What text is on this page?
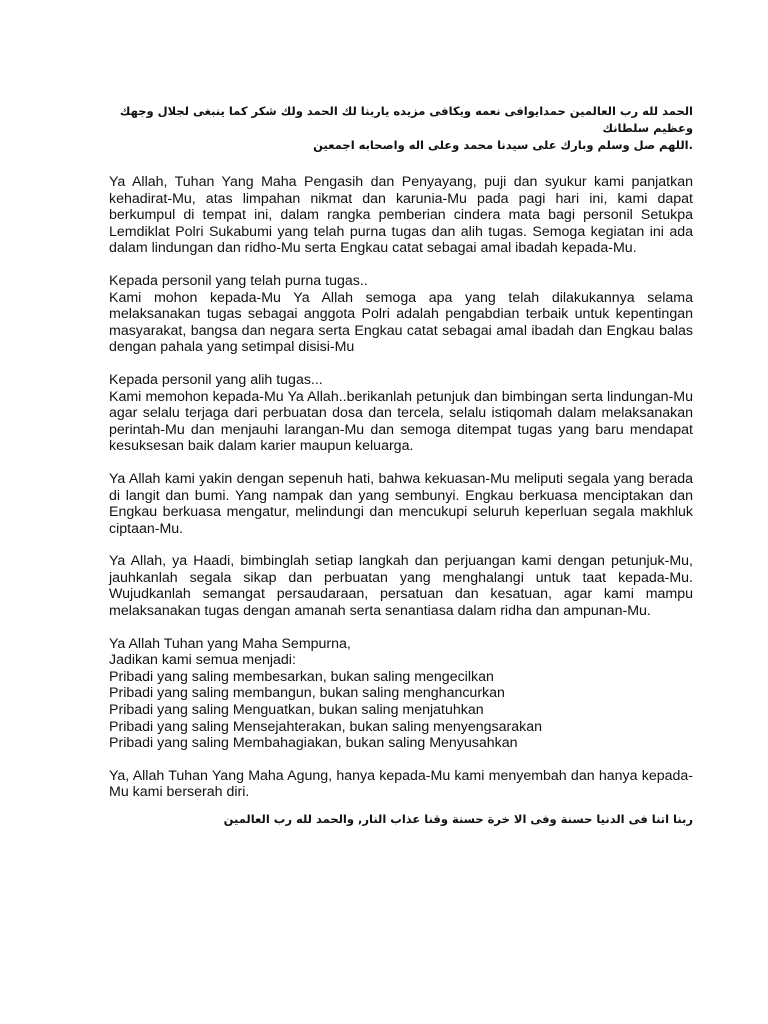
الحمد لله رب العالمين حمدايوافى نعمه ويكافى مزيده ياربنا لك الحمد ولك شكر كما ينبغى لجلال وجهك وعظيم سلطانك
.اللهم صل وسلم وبارك على سيدنا محمد وعلى اله واصحابه اجمعين

Ya Allah, Tuhan Yang Maha Pengasih dan Penyayang, puji dan syukur kami panjatkan kehadirat-Mu, atas limpahan nikmat dan karunia-Mu pada pagi hari ini, kami dapat berkumpul di tempat ini, dalam rangka pemberian cindera mata bagi personil Setukpa Lemdiklat Polri Sukabumi yang telah purna tugas dan alih tugas. Semoga kegiatan ini ada dalam lindungan dan ridho-Mu serta Engkau catat sebagai amal ibadah kepada-Mu.

Kepada personil yang telah purna tugas..
Kami mohon kepada-Mu Ya Allah semoga apa yang telah dilakukannya selama melaksanakan tugas sebagai anggota Polri adalah pengabdian terbaik untuk kepentingan masyarakat, bangsa dan negara serta Engkau catat sebagai amal ibadah dan Engkau balas dengan pahala yang setimpal disisi-Mu
Kepada personil yang alih tugas...
Kami memohon kepada-Mu Ya Allah..berikanlah petunjuk dan bimbingan serta lindungan-Mu agar selalu terjaga dari perbuatan dosa dan tercela, selalu istiqomah dalam melaksanakan perintah-Mu dan menjauhi larangan-Mu dan semoga ditempat tugas yang baru mendapat kesuksesan baik dalam karier maupun keluarga.

Ya Allah kami yakin dengan sepenuh hati, bahwa kekuasan-Mu meliputi segala yang berada di langit dan bumi. Yang nampak dan yang sembunyi. Engkau berkuasa menciptakan dan Engkau berkuasa mengatur, melindungi dan mencukupi seluruh keperluan segala makhluk ciptaan-Mu.

Ya Allah, ya Haadi, bimbinglah setiap langkah dan perjuangan kami dengan petunjuk-Mu, jauhkanlah segala sikap dan perbuatan yang menghalangi untuk taat kepada-Mu. Wujudkanlah semangat persaudaraan, persatuan dan kesatuan, agar kami mampu melaksanakan tugas dengan amanah serta senantiasa dalam ridha dan ampunan-Mu.

Ya Allah Tuhan yang Maha Sempurna,
Jadikan kami semua menjadi:
Pribadi yang saling membesarkan, bukan saling mengecilkan
Pribadi yang saling membangun, bukan saling menghancurkan
Pribadi yang saling Menguatkan, bukan saling menjatuhkan
Pribadi yang saling Mensejahterakan, bukan saling menyengsarakan
Pribadi yang saling Membahagiakan, bukan saling Menyusahkan

Ya, Allah Tuhan Yang Maha Agung, hanya kepada-Mu kami menyembah dan hanya kepada-Mu kami berserah diri.

ربنا اتنا فى الدنيا حسنة وفى الا خرة حسنة وقنا عذاب النار, والحمد لله رب العالمين
